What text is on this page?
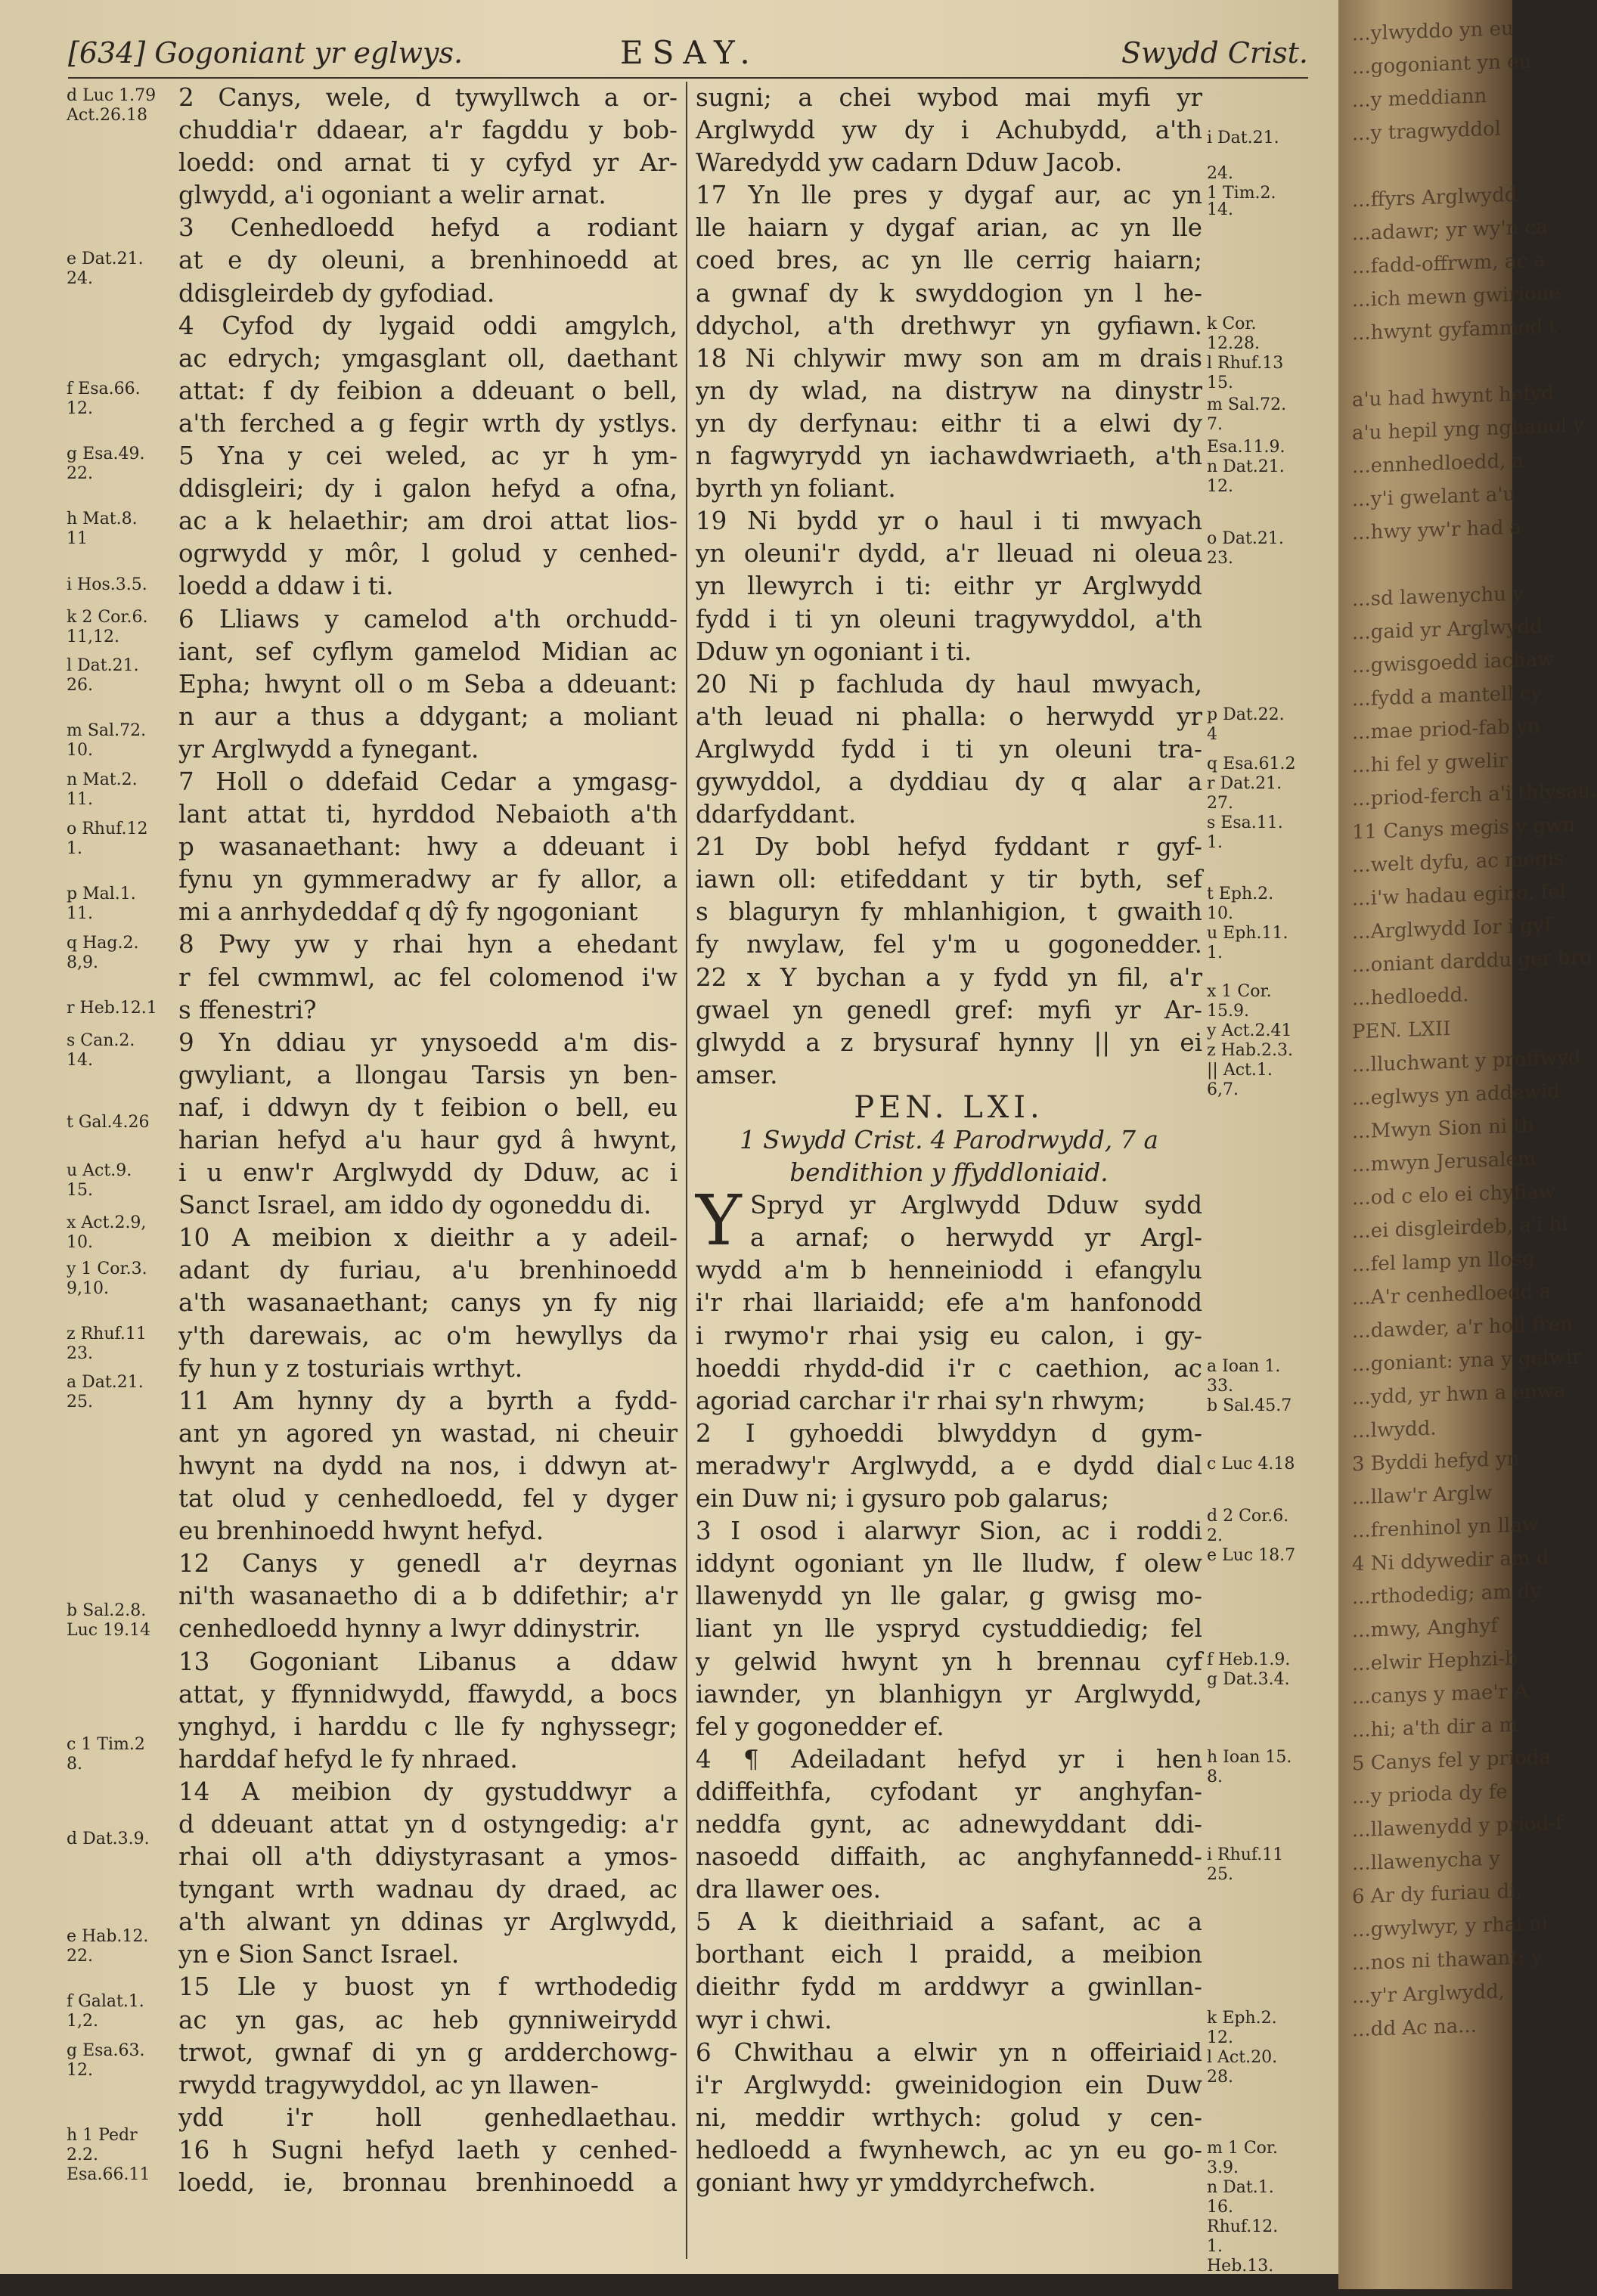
[634] Gogoniant yr eglwys.	ESAY.	Swydd Crist.
2 Canys, wele, d tywyllwch a or-
chuddia'r ddaear, a'r fagddu y bob-
loedd: ond arnat ti y cyfyd yr Ar-
glwydd, a'i ogoniant a welir arnat.
3 Cenhedloedd hefyd a rodiant
at e dy oleuni, a brenhinoedd at
ddisgleirdeb dy gyfodiad.
4 Cyfod dy lygaid oddi amgylch,
ac edrych; ymgasglant oll, daethant
attat: f dy feibion a ddeuant o bell,
a'th ferched a g fegir wrth dy ystlys.
5 Yna y cei weled, ac yr h ym-
ddisgleiri; dy i galon hefyd a ofna,
ac a k helaethir; am droi attat lios-
ogrwydd y môr, l golud y cenhed-
loedd a ddaw i ti.
6 Lliaws y camelod a'th orchudd-
iant, sef cyflym gamelod Midian ac
Epha; hwynt oll o m Seba a ddeuant:
n aur a thus a ddygant; a moliant
yr Arglwydd a fynegant.
7 Holl o ddefaid Cedar a ymgasg-
lant attat ti, hyrddod Nebaioth a'th
p wasanaethant: hwy a ddeuant i
fynu yn gymmeradwy ar fy allor, a
mi a anrhydeddaf q dŷ fy ngogoniant
8 Pwy yw y rhai hyn a ehedant
r fel cwmmwl, ac fel colomenod i'w
s ffenestri?
9 Yn ddiau yr ynysoedd a'm dis-
gwyliant, a llongau Tarsis yn ben-
naf, i ddwyn dy t feibion o bell, eu
harian hefyd a'u haur gyd â hwynt,
i u enw'r Arglwydd dy Dduw, ac i
Sanct Israel, am iddo dy ogoneddu di.
10 A meibion x dieithr a y adeil-
adant dy furiau, a'u brenhinoedd
a'th wasanaethant; canys yn fy nig
y'th darewais, ac o'm hewyllys da
fy hun y z tosturiais wrthyt.
11 Am hynny dy a byrth a fydd-
ant yn agored yn wastad, ni cheuir
hwynt na dydd na nos, i ddwyn at-
tat olud y cenhedloedd, fel y dyger
eu brenhinoedd hwynt hefyd.
12 Canys y genedl a'r deyrnas
ni'th wasanaetho di a b ddifethir; a'r
cenhedloedd hynny a lwyr ddinystrir.
13 Gogoniant Libanus a ddaw
attat, y ffynnidwydd, ffawydd, a bocs
ynghyd, i harddu c lle fy nghyssegr;
harddaf hefyd le fy nhraed.
14 A meibion dy gystuddwyr a
d ddeuant attat yn d ostyngedig: a'r
rhai oll a'th ddiystyrasant a ymos-
tyngant wrth wadnau dy draed, ac
a'th alwant yn ddinas yr Arglwydd,
yn e Sion Sanct Israel.
15 Lle y buost yn f wrthodedig
ac yn gas, ac heb gynniweirydd
trwot, gwnaf di yn g ardderchowg-
rwydd tragywyddol, ac yn llawen-
ydd i'r holl genhedlaethau.
16 h Sugni hefyd laeth y cenhed-
loedd, ie, bronnau brenhinoedd a
sugni; a chei wybod mai myfi yr
Arglwydd yw dy i Achubydd, a'th
Waredydd yw cadarn Dduw Jacob.
17 Yn lle pres y dygaf aur, ac yn
lle haiarn y dygaf arian, ac yn lle
coed bres, ac yn lle cerrig haiarn;
a gwnaf dy k swyddogion yn l he-
ddychol, a'th drethwyr yn gyfiawn.
18 Ni chlywir mwy son am m drais
yn dy wlad, na distryw na dinystr
yn dy derfynau: eithr ti a elwi dy
n fagwyrydd yn iachawdwriaeth, a'th
byrth yn foliant.
19 Ni bydd yr o haul i ti mwyach
yn oleuni'r dydd, a'r lleuad ni oleua
yn llewyrch i ti: eithr yr Arglwydd
fydd i ti yn oleuni tragywyddol, a'th
Dduw yn ogoniant i ti.
20 Ni p fachluda dy haul mwyach,
a'th leuad ni phalla: o herwydd yr
Arglwydd fydd i ti yn oleuni tra-
gywyddol, a dyddiau dy q alar a
ddarfyddant.
21 Dy bobl hefyd fyddant r gyf-
iawn oll: etifeddant y tir byth, sef
s blaguryn fy mhlanhigion, t gwaith
fy nwylaw, fel y'm u gogonedder.
22 x Y bychan a y fydd yn fil, a'r
gwael yn genedl gref: myfi yr Ar-
glwydd a z brysuraf hynny || yn ei
amser.
PEN. LXI.
1 Swydd Crist. 4 Parodrwydd, 7 a
bendithion y ffyddloniaid.
Y Spryd yr Arglwydd Dduw sydd
a arnaf; o herwydd yr Argl-
wydd a'm b henneiniodd i efangylu
i'r rhai llariaidd; efe a'm hanfonodd
i rwymo'r rhai ysig eu calon, i gy-
hoeddi rhydd-did i'r c caethion, ac
agoriad carchar i'r rhai sy'n rhwym;
2 I gyhoeddi blwyddyn d gym-
meradwy'r Arglwydd, a e dydd dial
ein Duw ni; i gysuro pob galarus;
3 I osod i alarwyr Sion, ac i roddi
iddynt ogoniant yn lle lludw, f olew
llawenydd yn lle galar, g gwisg mo-
liant yn lle yspryd cystuddiedig; fel
y gelwid hwynt yn h brennau cyf
iawnder, yn blanhigyn yr Arglwydd,
fel y gogonedder ef.
4 ¶ Adeiladant hefyd yr i hen
ddiffeithfa, cyfodant yr anghyfan-
neddfa gynt, ac adnewyddant ddi-
nasoedd diffaith, ac anghyfannedd-
dra llawer oes.
5 A k dieithriaid a safant, ac a
borthant eich l praidd, a meibion
dieithr fydd m arddwyr a gwinllan-
wyr i chwi.
6 Chwithau a elwir yn n offeiriaid
i'r Arglwydd: gweinidogion ein Duw
ni, meddir wrthych: golud y cen-
hedloedd a fwynhewch, ac yn eu go-
goniant hwy yr ymddyrchefwch.
d Luc 1.79
Act.26.18
e Dat.21.
24.
f Esa.66.
12.
g Esa.49.
22.
h Mat.8.
11
i Hos.3.5.
k 2 Cor.6.
11,12.
l Dat.21.
26.
m Sal.72.
10.
n Mat.2.
11.
o Rhuf.12
1.
p Mal.1.
11.
q Hag.2.
8,9.
r Heb.12.1
s Can.2.
14.
t Gal.4.26
u Act.9.
15.
x Act.2.9,
10.
y 1 Cor.3.
9,10.
z Rhuf.11
23.
a Dat.21.
25.
b Sal.2.8.
Luc 19.14
c 1 Tim.2
8.
d Dat.3.9.
e Hab.12.
22.
f Galat.1.
1,2.
g Esa.63.
12.
h 1 Pedr
2.2.
Esa.66.11
i Dat.21.
24.
1 Tim.2.
14.
k Cor.
12.28.
l Rhuf.13
15.
m Sal.72.
7.
Esa.11.9.
n Dat.21.
12.
o Dat.21.
23.
p Dat.22.
4
q Esa.61.2
r Dat.21.
27.
s Esa.11.
1.
t Eph.2.
10.
u Eph.11.
1.
x 1 Cor.
15.9.
y Act.2.41
z Hab.2.3.
|| Act.1.
6,7.
a Ioan 1.
33.
b Sal.45.7
c Luc 4.18
d 2 Cor.6.
2.
e Luc 18.7
f Heb.1.9.
g Dat.3.4.
h Ioan 15.
8.
i Rhuf.11
25.
k Eph.2.
12.
l Act.20.
28.
m 1 Cor.
3.9.
n Dat.1.
16.
Rhuf.12.
1.
Heb.13.
15.
...ylwyddo yn eu
...gogoniant yn eu
...y meddiann
...y tragwyddol
...ffyrs Arglwydd
...adawr; yr wy'n ca
...fadd-offrwm, ac a
...ich mewn gwirione
...hwynt gyfammod t
a'u had hwynt hefyd
a'u hepil yng nghanol y
...ennhedloedd, a
...y'i gwelant a'u
...hwy yw'r had a
...sd lawenychu y
...gaid yr Arglwydd
...gwisgoedd iachaw
...fydd a mantell cy
...mae priod-fab yn
...hi fel y gwelir
...priod-ferch a'i thlysau.
11 Canys megis y gwn
...welt dyfu, ac megis
...i'w hadau egino, fel
...Arglwydd Ior i gyf
...oniant darddu ger bro
...hedloedd.
PEN. LXII
...lluchwant y proffwyd
...eglwys yn addewid
...Mwyn Sion ni th
...mwyn Jerusalem
...od c elo ei chyfiaw
...ei disgleirdeb, a'i hi
...fel lamp yn llosg
...A'r cenhedloedd a
...dawder, a'r holl fren
...goniant: yna y gelwir
...ydd, yr hwn a enwa
...lwydd.
3 Byddi hefyd yn
...llaw'r Arglw
...frenhinol yn llaw
4 Ni ddywedir am d
...rthodedig; am dy
...mwy, Anghyf
...elwir Hephzi-b
...canys y mae'r A
...hi; a'th dir a m
5 Canys fel y prioda
...y prioda dy fe
...llawenydd y priod-f
...llawenycha y
6 Ar dy furiau di,
...gwylwyr, y rhai ni
...nos ni thawant; y
...y'r Arglwydd,
...dd Ac na...
